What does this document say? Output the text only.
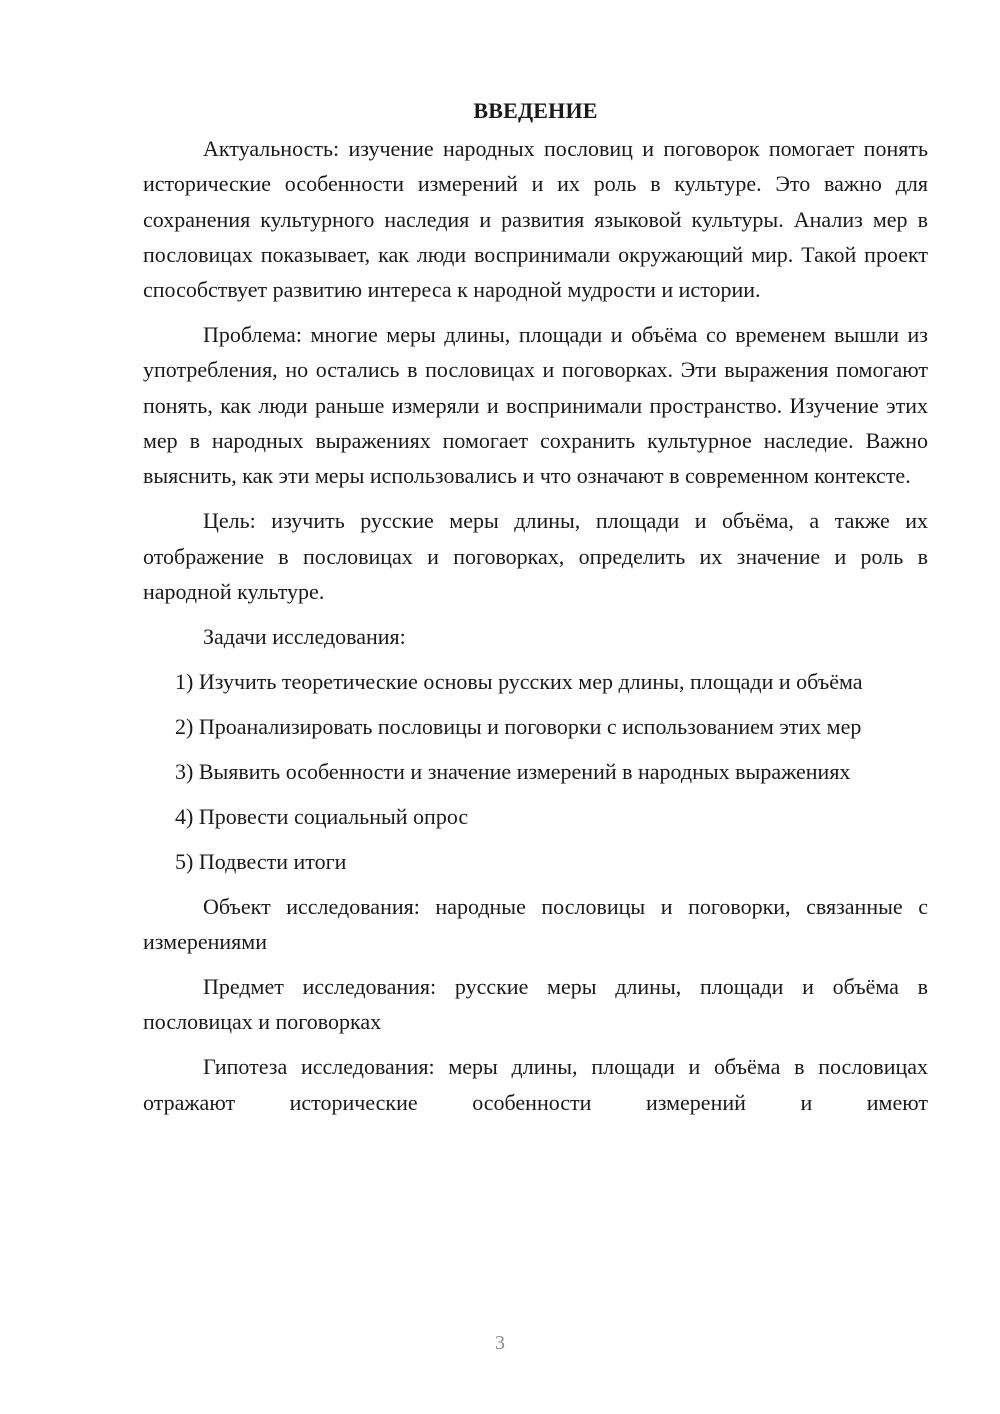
ВВЕДЕНИЕ

Актуальность: изучение народных пословиц и поговорок помогает понять исторические особенности измерений и их роль в культуре. Это важно для сохранения культурного наследия и развития языковой культуры. Анализ мер в пословицах показывает, как люди воспринимали окружающий мир. Такой проект способствует развитию интереса к народной мудрости и истории.

Проблема: многие меры длины, площади и объёма со временем вышли из употребления, но остались в пословицах и поговорках. Эти выражения помогают понять, как люди раньше измеряли и воспринимали пространство. Изучение этих мер в народных выражениях помогает сохранить культурное наследие. Важно выяснить, как эти меры использовались и что означают в современном контексте.

Цель: изучить русские меры длины, площади и объёма, а также их отображение в пословицах и поговорках, определить их значение и роль в народной культуре.

Задачи исследования:

1) Изучить теоретические основы русских мер длины, площади и объёма

2) Проанализировать пословицы и поговорки с использованием этих мер

3) Выявить особенности и значение измерений в народных выражениях

4) Провести социальный опрос

5) Подвести итоги

Объект исследования: народные пословицы и поговорки, связанные с измерениями

Предмет исследования: русские меры длины, площади и объёма в пословицах и поговорках

Гипотеза исследования: меры длины, площади и объёма в пословицах отражают исторические особенности измерений и имеют

3
